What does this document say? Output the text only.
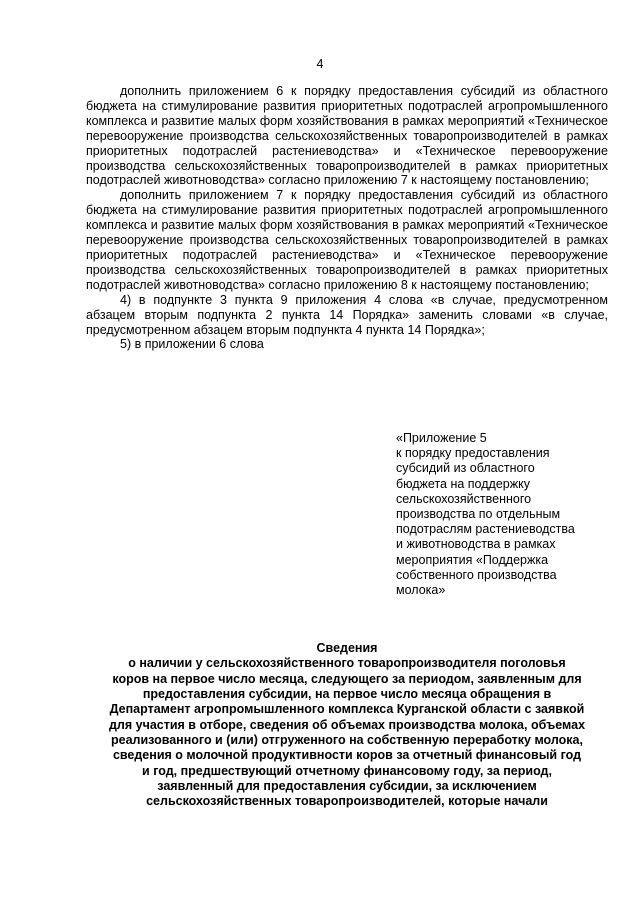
4

дополнить приложением 6 к порядку предоставления субсидий из областного бюджета на стимулирование развития приоритетных подотраслей агропромышленного комплекса и развитие малых форм хозяйствования в рамках мероприятий «Техническое перевооружение производства сельскохозяйственных товаропроизводителей в рамках приоритетных подотраслей растениеводства» и «Техническое перевооружение производства сельскохозяйственных товаропроизводителей в рамках приоритетных подотраслей животноводства» согласно приложению 7 к настоящему постановлению;

дополнить приложением 7 к порядку предоставления субсидий из областного бюджета на стимулирование развития приоритетных подотраслей агропромышленного комплекса и развитие малых форм хозяйствования в рамках мероприятий «Техническое перевооружение производства сельскохозяйственных товаропроизводителей в рамках приоритетных подотраслей растениеводства» и «Техническое перевооружение производства сельскохозяйственных товаропроизводителей в рамках приоритетных подотраслей животноводства» согласно приложению 8 к настоящему постановлению;

4) в подпункте 3 пункта 9 приложения 4 слова «в случае, предусмотренном абзацем вторым подпункта 2 пункта 14 Порядка» заменить словами «в случае, предусмотренном абзацем вторым подпункта 4 пункта 14 Порядка»;

5) в приложении 6 слова

«Приложение 5
к порядку предоставления
субсидий из областного
бюджета на поддержку
сельскохозяйственного
производства по отдельным
подотраслям растениеводства
и животноводства в рамках
мероприятия «Поддержка
собственного производства
молока»
Сведения
о наличии у сельскохозяйственного товаропроизводителя поголовья
коров на первое число месяца, следующего за периодом, заявленным для
предоставления субсидии, на первое число месяца обращения в
Департамент агропромышленного комплекса Курганской области с заявкой
для участия в отборе, сведения об объемах производства молока, объемах
реализованного и (или) отгруженного на собственную переработку молока,
сведения о молочной продуктивности коров за отчетный финансовый год
и год, предшествующий отчетному финансовому году, за период,
заявленный для предоставления субсидии, за исключением
сельскохозяйственных товаропроизводителей, которые начали
